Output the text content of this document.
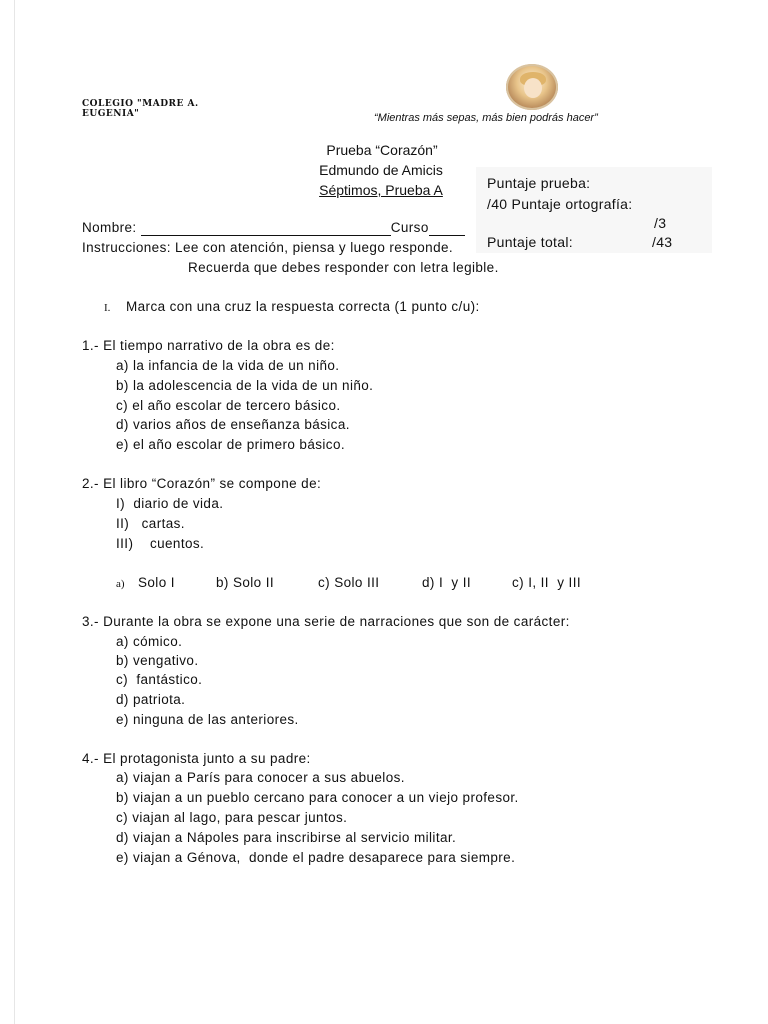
COLEGIO "MADRE A.
EUGENIA"	“Mientras más sepas, más bien podrás hacer”
Prueba “Corazón”
Edmundo de Amicis
Séptimos, Prueba A	Puntaje prueba:
/40 Puntaje ortografía:
/3
Puntaje total:	/43
Nombre:	Curso
Instrucciones: Lee con atención, piensa y luego responde.
Recuerda que debes responder con letra legible.
I. Marca con una cruz la respuesta correcta (1 punto c/u):
1.- El tiempo narrativo de la obra es de:
a) la infancia de la vida de un niño.
b) la adolescencia de la vida de un niño.
c) el año escolar de tercero básico.
d) varios años de enseñanza básica.
e) el año escolar de primero básico.
2.- El libro “Corazón” se compone de:
I)  diario de vida.
II)   cartas.
III)    cuentos.
a) Solo I	b) Solo II	c) Solo III	d) I  y II	c) I, II  y III
3.- Durante la obra se expone una serie de narraciones que son de carácter:
a) cómico.
b) vengativo.
c)  fantástico.
d) patriota.
e) ninguna de las anteriores.
4.- El protagonista junto a su padre:
a) viajan a París para conocer a sus abuelos.
b) viajan a un pueblo cercano para conocer a un viejo profesor.
c) viajan al lago, para pescar juntos.
d) viajan a Nápoles para inscribirse al servicio militar.
e) viajan a Génova,  donde el padre desaparece para siempre.
